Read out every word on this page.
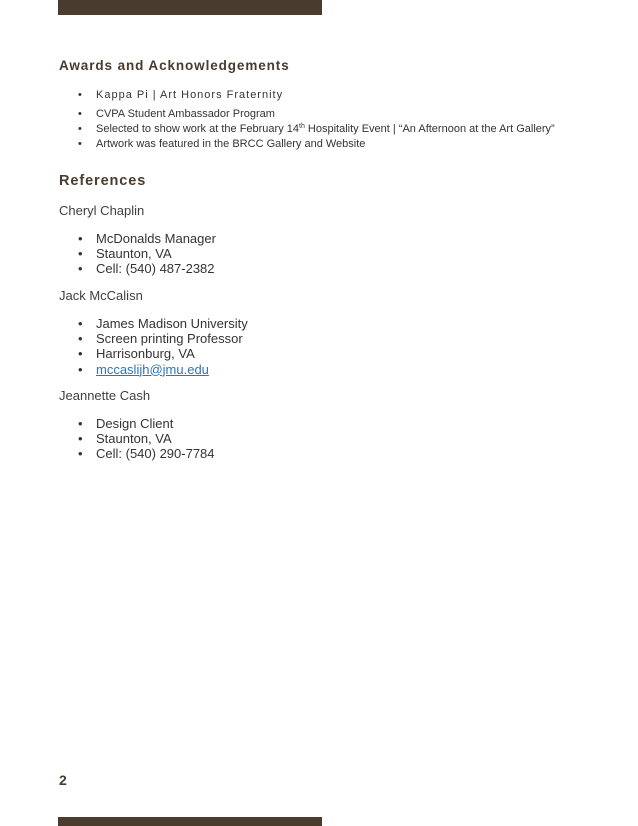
Awards and Acknowledgements
• Kappa Pi | Art Honors Fraternity
• CVPA Student Ambassador Program
• Selected to show work at the February 14th Hospitality Event | “An Afternoon at the Art Gallery”
• Artwork was featured in the BRCC Gallery and Website
References

Cheryl Chaplin

• McDonalds Manager
• Staunton, VA
• Cell: (540) 487-2382

Jack McCalisn

• James Madison University
• Screen printing Professor
• Harrisonburg, VA
• mccaslijh@jmu.edu

Jeannette Cash

• Design Client
• Staunton, VA
• Cell: (540) 290-7784
2
